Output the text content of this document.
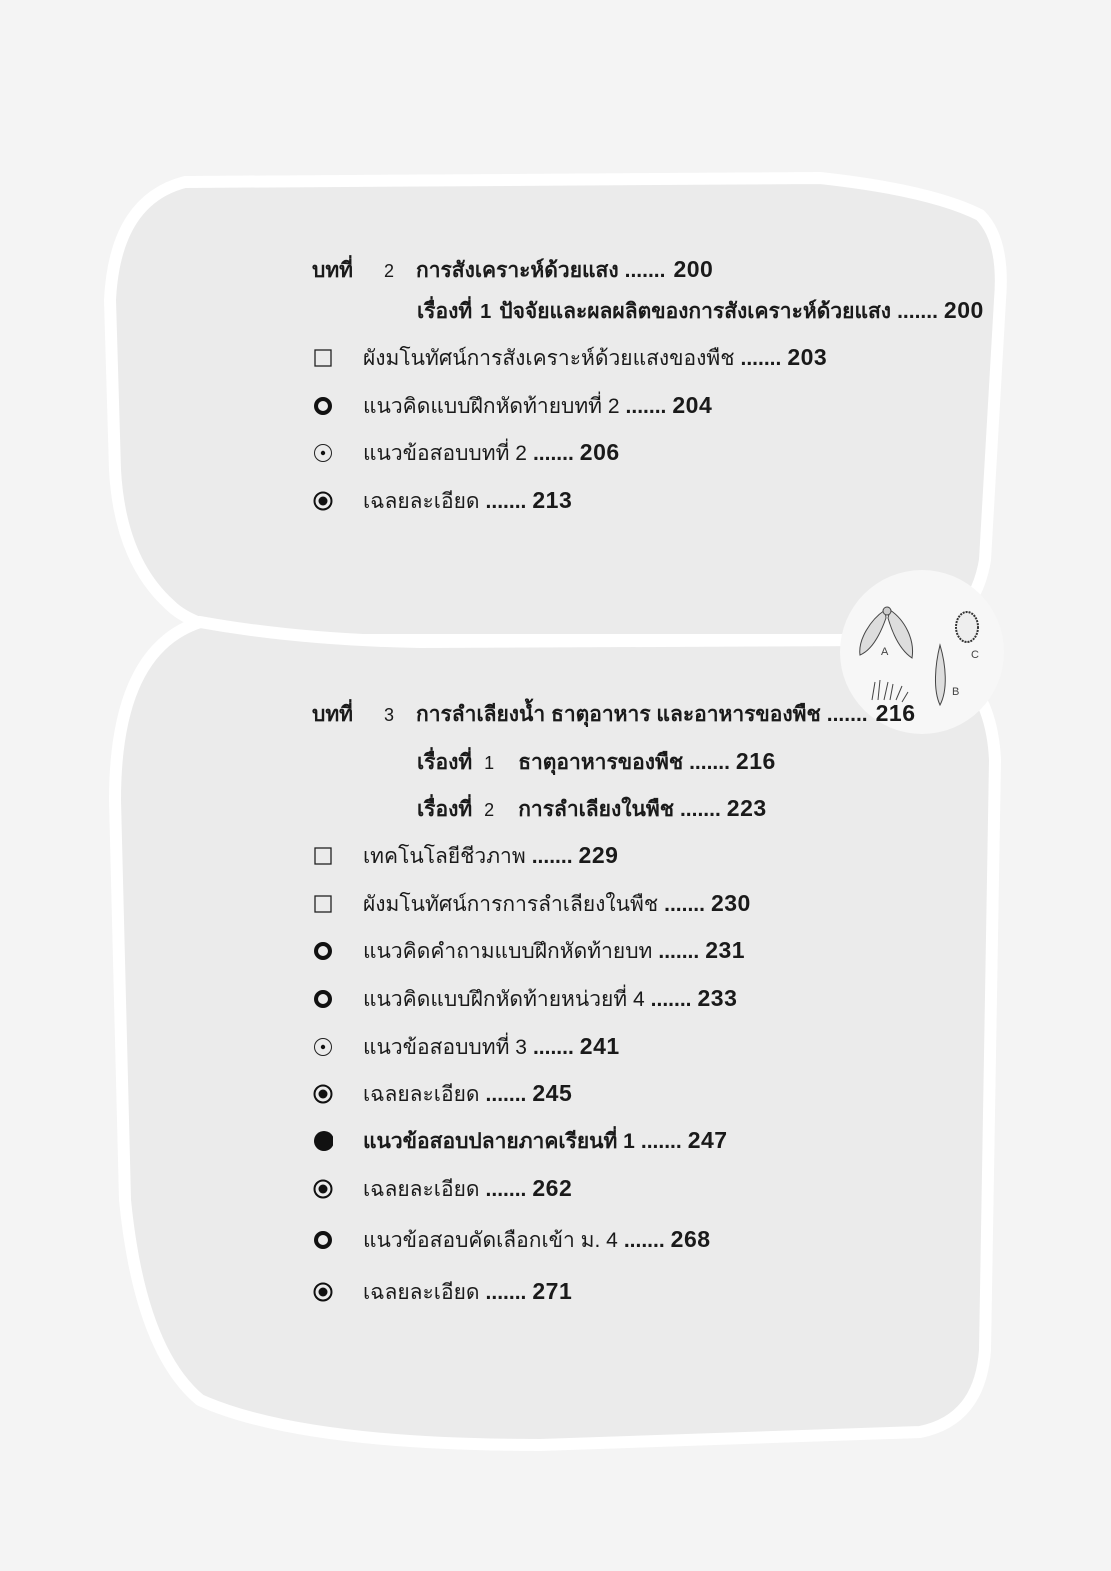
A
B
C
บทที่	2	การสังเคราะห์ด้วยแสง ....... 200
เรื่องที่ 1 ปัจจัยและผลผลิตของการสังเคราะห์ด้วยแสง ....... 200
ผังมโนทัศน์การสังเคราะห์ด้วยแสงของพืช ....... 203
แนวคิดแบบฝึกหัดท้ายบทที่ 2 ....... 204
แนวข้อสอบบทที่ 2 ....... 206
เฉลยละเอียด ....... 213
บทที่	3	การลำเลียงน้ำ ธาตุอาหาร และอาหารของพืช ....... 216
เรื่องที่ 1 ธาตุอาหารของพืช ....... 216
เรื่องที่ 2 การลำเลียงในพืช ....... 223
เทคโนโลยีชีวภาพ ....... 229
ผังมโนทัศน์การการลำเลียงในพืช ....... 230
แนวคิดคำถามแบบฝึกหัดท้ายบท ....... 231
แนวคิดแบบฝึกหัดท้ายหน่วยที่ 4 ....... 233
แนวข้อสอบบทที่ 3 ....... 241
เฉลยละเอียด ....... 245
แนวข้อสอบปลายภาคเรียนที่ 1 ....... 247
เฉลยละเอียด ....... 262
แนวข้อสอบคัดเลือกเข้า ม. 4 ....... 268
เฉลยละเอียด ....... 271
